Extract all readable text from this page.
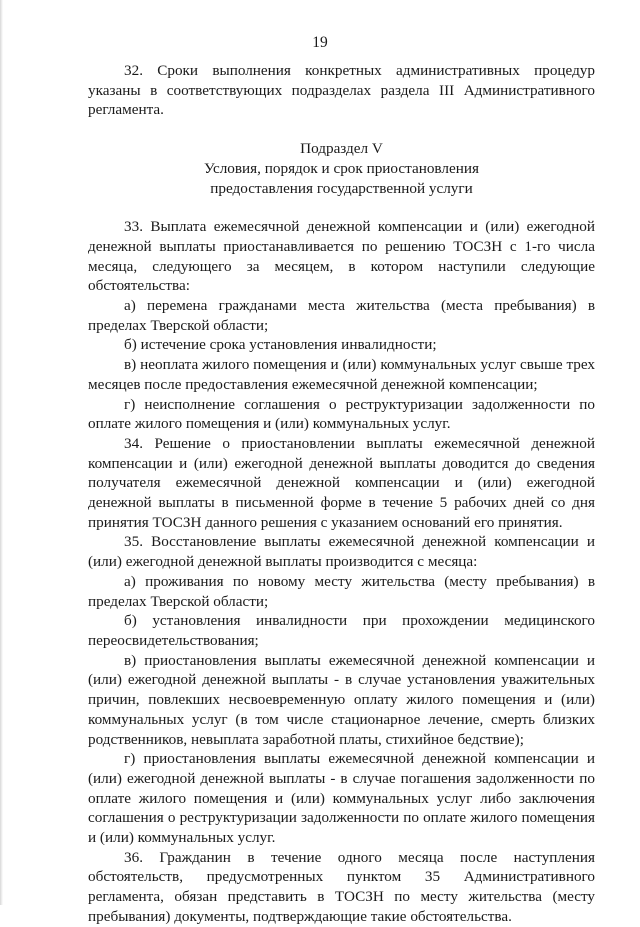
19

32. Сроки выполнения конкретных административных процедур указаны в соответствующих подразделах раздела III Административного регламента.

Подраздел V
Условия, порядок и срок приостановления
предоставления государственной услуги

33. Выплата ежемесячной денежной компенсации и (или) ежегодной денежной выплаты приостанавливается по решению ТОСЗН с 1-го числа месяца, следующего за месяцем, в котором наступили следующие обстоятельства:

а) перемена гражданами места жительства (места пребывания) в пределах Тверской области;

б) истечение срока установления инвалидности;

в) неоплата жилого помещения и (или) коммунальных услуг свыше трех месяцев после предоставления ежемесячной денежной компенсации;

г) неисполнение соглашения о реструктуризации задолженности по оплате жилого помещения и (или) коммунальных услуг.

34. Решение о приостановлении выплаты ежемесячной денежной компенсации и (или) ежегодной денежной выплаты доводится до сведения получателя ежемесячной денежной компенсации и (или) ежегодной денежной выплаты в письменной форме в течение 5 рабочих дней со дня принятия ТОСЗН данного решения с указанием оснований его принятия.

35. Восстановление выплаты ежемесячной денежной компенсации и (или) ежегодной денежной выплаты производится с месяца:

а) проживания по новому месту жительства (месту пребывания) в пределах Тверской области;

б) установления инвалидности при прохождении медицинского переосвидетельствования;

в) приостановления выплаты ежемесячной денежной компенсации и (или) ежегодной денежной выплаты - в случае установления уважительных причин, повлекших несвоевременную оплату жилого помещения и (или) коммунальных услуг (в том числе стационарное лечение, смерть близких родственников, невыплата заработной платы, стихийное бедствие);

г) приостановления выплаты ежемесячной денежной компенсации и (или) ежегодной денежной выплаты - в случае погашения задолженности по оплате жилого помещения и (или) коммунальных услуг либо заключения соглашения о реструктуризации задолженности по оплате жилого помещения и (или) коммунальных услуг.

36. Гражданин в течение одного месяца после наступления обстоятельств, предусмотренных пунктом 35 Административного регламента, обязан представить в ТОСЗН по месту жительства (месту пребывания) документы, подтверждающие такие обстоятельства.
